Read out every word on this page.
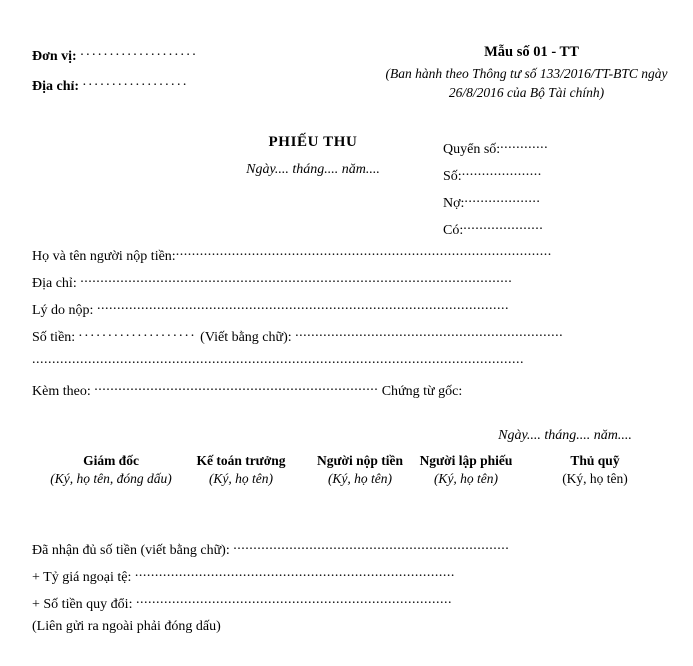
Đơn vị: ....................
Địa chỉ: ..................
Mẫu số 01 - TT
(Ban hành theo Thông tư số 133/2016/TT-BTC ngày 26/8/2016 của Bộ Tài chính)
PHIẾU THU
Ngày.... tháng.... năm....
Quyển số:............
Số:....................
Nợ:...................
Có:....................
Họ và tên người nộp tiền:..............................................................................................
Địa chỉ: ............................................................................................................
Lý do nộp: .......................................................................................................
Số tiền: .................... (Viết bằng chữ): ...................................................................
...........................................................................................................................
Kèm theo: ....................................................................... Chứng từ gốc:
Ngày.... tháng.... năm....
Giám đốc
(Ký, họ tên, đóng dấu)
Kế toán trưởng
(Ký, họ tên)
Người nộp tiền
(Ký, họ tên)
Người lập phiếu
(Ký, họ tên)
Thủ quỹ
(Ký, họ tên)
Đã nhận đủ số tiền (viết bằng chữ): .....................................................................
+ Tỷ giá ngoại tệ: ................................................................................
+ Số tiền quy đổi: ...............................................................................
(Liên gửi ra ngoài phải đóng dấu)
